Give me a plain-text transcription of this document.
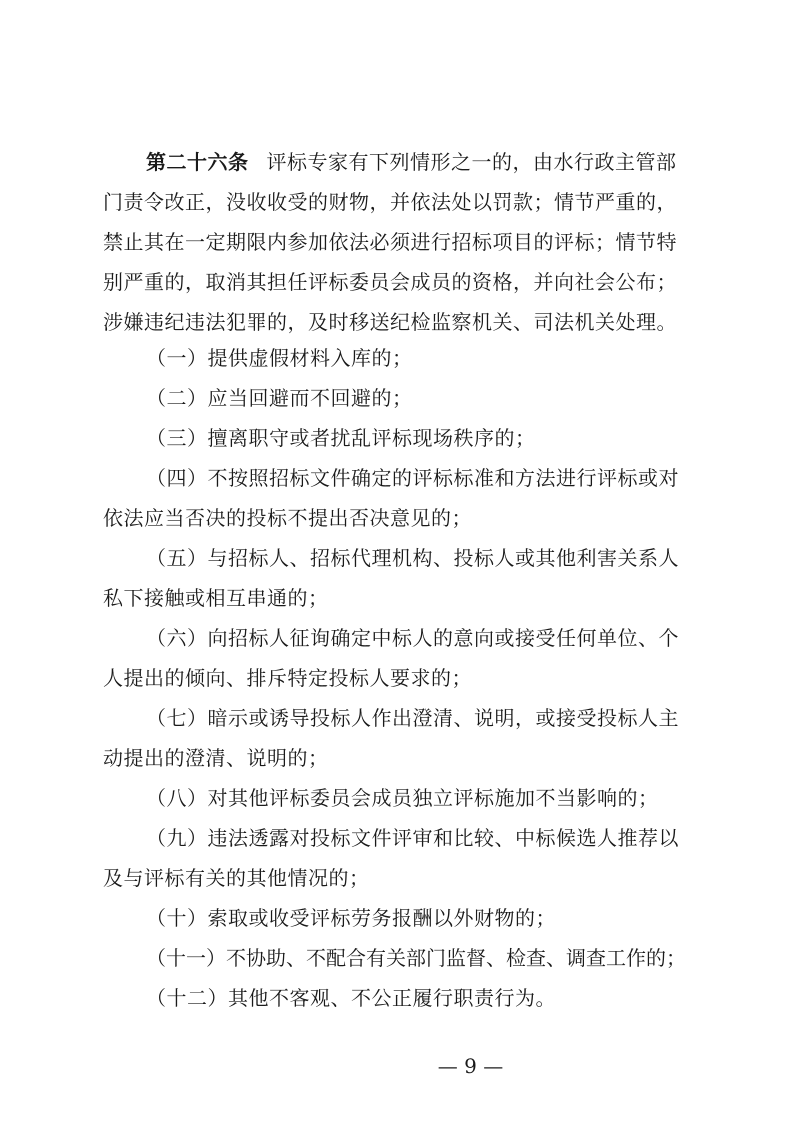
第二十六条 评标专家有下列情形之一的，由水行政主管部
门责令改正，没收收受的财物，并依法处以罚款；情节严重的，
禁止其在一定期限内参加依法必须进行招标项目的评标；情节特
别严重的，取消其担任评标委员会成员的资格，并向社会公布；
涉嫌违纪违法犯罪的，及时移送纪检监察机关、司法机关处理。
（一）提供虚假材料入库的；
（二）应当回避而不回避的；
（三）擅离职守或者扰乱评标现场秩序的；
（四）不按照招标文件确定的评标标准和方法进行评标或对
依法应当否决的投标不提出否决意见的；
（五）与招标人、招标代理机构、投标人或其他利害关系人
私下接触或相互串通的；
（六）向招标人征询确定中标人的意向或接受任何单位、个
人提出的倾向、排斥特定投标人要求的；
（七）暗示或诱导投标人作出澄清、说明，或接受投标人主
动提出的澄清、说明的；
（八）对其他评标委员会成员独立评标施加不当影响的；
（九）违法透露对投标文件评审和比较、中标候选人推荐以
及与评标有关的其他情况的；
（十）索取或收受评标劳务报酬以外财物的；
（十一）不协助、不配合有关部门监督、检查、调查工作的；
（十二）其他不客观、不公正履行职责行为。
— 9 —
